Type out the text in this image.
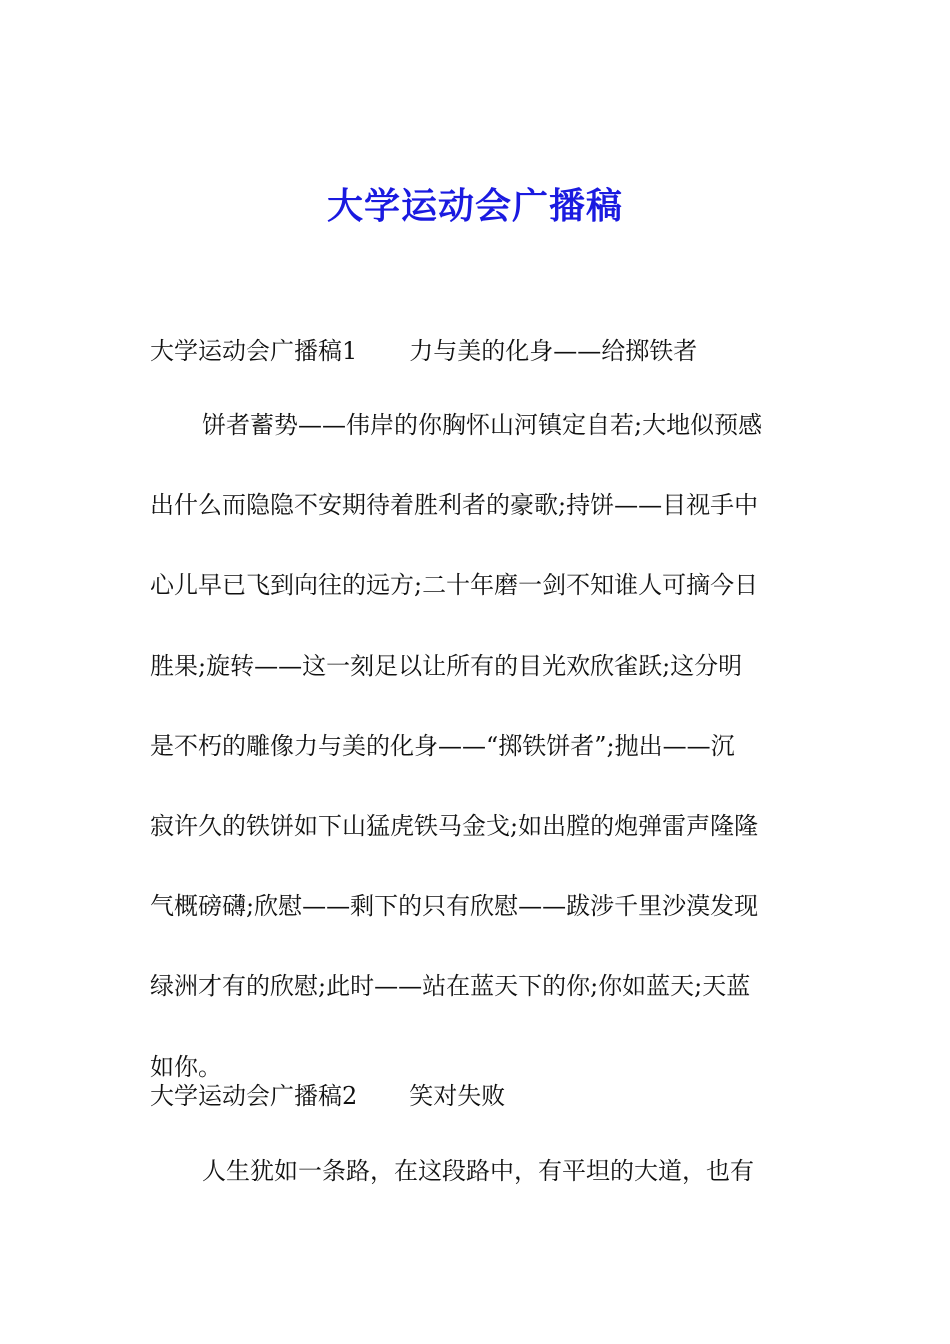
大学运动会广播稿
大学运动会广播稿1 力与美的化身——给掷铁者
饼者蓄势——伟岸的你胸怀山河镇定自若;大地似预感
出什么而隐隐不安期待着胜利者的豪歌;持饼——目视手中
心儿早已飞到向往的远方;二十年磨一剑不知谁人可摘今日
胜果;旋转——这一刻足以让所有的目光欢欣雀跃;这分明
是不朽的雕像力与美的化身——“掷铁饼者”;抛出——沉
寂许久的铁饼如下山猛虎铁马金戈;如出膛的炮弹雷声隆隆
气概磅礴;欣慰——剩下的只有欣慰——跋涉千里沙漠发现
绿洲才有的欣慰;此时——站在蓝天下的你;你如蓝天;天蓝
如你。
大学运动会广播稿2 笑对失败
人生犹如一条路，在这段路中，有平坦的大道，也有
